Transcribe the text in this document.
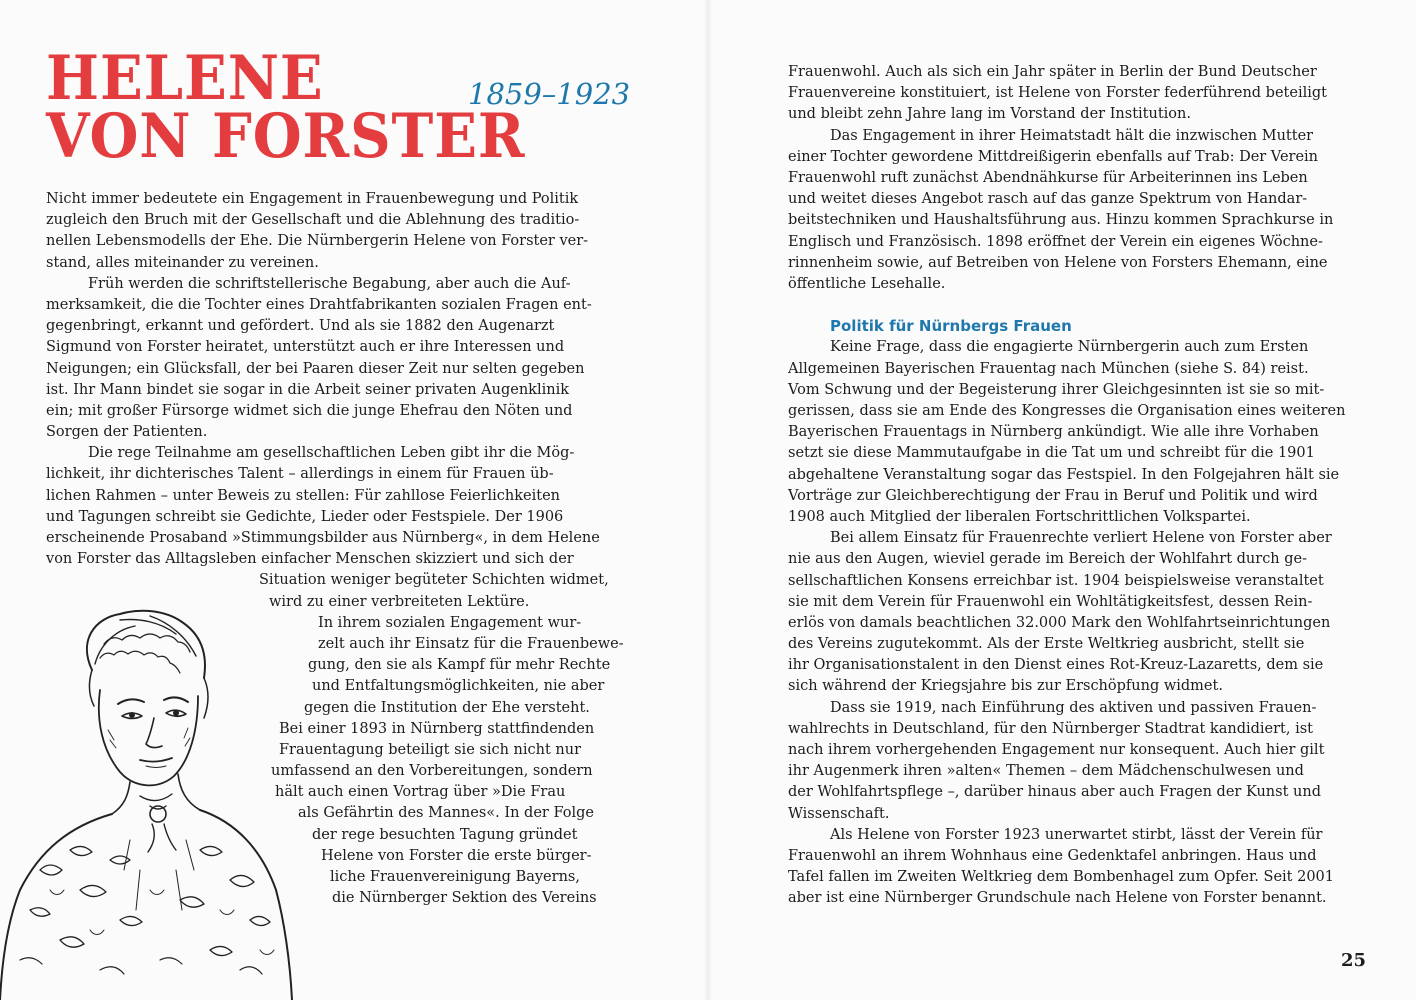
HELENE
VON FORSTER
1859–1923
Nicht immer bedeutete ein Engagement in Frauenbewegung und Politik
zugleich den Bruch mit der Gesellschaft und die Ablehnung des traditio-
nellen Lebensmodells der Ehe. Die Nürnbergerin Helene von Forster ver-
stand, alles miteinander zu vereinen.
Früh werden die schriftstellerische Begabung, aber auch die Auf-
merksamkeit, die die Tochter eines Drahtfabrikanten sozialen Fragen ent-
gegenbringt, erkannt und gefördert. Und als sie 1882 den Augenarzt
Sigmund von Forster heiratet, unterstützt auch er ihre Interessen und
Neigungen; ein Glücksfall, der bei Paaren dieser Zeit nur selten gegeben
ist. Ihr Mann bindet sie sogar in die Arbeit seiner privaten Augenklinik
ein; mit großer Fürsorge widmet sich die junge Ehefrau den Nöten und
Sorgen der Patienten.
Die rege Teilnahme am gesellschaftlichen Leben gibt ihr die Mög-
lichkeit, ihr dichterisches Talent – allerdings in einem für Frauen üb-
lichen Rahmen – unter Beweis zu stellen: Für zahllose Feierlichkeiten
und Tagungen schreibt sie Gedichte, Lieder oder Festspiele. Der 1906
erscheinende Prosaband »Stimmungsbilder aus Nürnberg«, in dem Helene
von Forster das Alltagsleben einfacher Menschen skizziert und sich der
Situation weniger begüteter Schichten widmet,
wird zu einer verbreiteten Lektüre.
In ihrem sozialen Engagement wur-
zelt auch ihr Einsatz für die Frauenbewe-
gung, den sie als Kampf für mehr Rechte
und Entfaltungsmöglichkeiten, nie aber
gegen die Institution der Ehe versteht.
Bei einer 1893 in Nürnberg stattfindenden
Frauentagung beteiligt sie sich nicht nur
umfassend an den Vorbereitungen, sondern
hält auch einen Vortrag über »Die Frau
als Gefährtin des Mannes«. In der Folge
der rege besuchten Tagung gründet
Helene von Forster die erste bürger-
liche Frauenvereinigung Bayerns,
die Nürnberger Sektion des Vereins
Frauenwohl. Auch als sich ein Jahr später in Berlin der Bund Deutscher
Frauenvereine konstituiert, ist Helene von Forster federführend beteiligt
und bleibt zehn Jahre lang im Vorstand der Institution.
Das Engagement in ihrer Heimatstadt hält die inzwischen Mutter
einer Tochter gewordene Mittdreißigerin ebenfalls auf Trab: Der Verein
Frauenwohl ruft zunächst Abendnähkurse für Arbeiterinnen ins Leben
und weitet dieses Angebot rasch auf das ganze Spektrum von Handar-
beitstechniken und Haushaltsführung aus. Hinzu kommen Sprachkurse in
Englisch und Französisch. 1898 eröffnet der Verein ein eigenes Wöchne-
rinnenheim sowie, auf Betreiben von Helene von Forsters Ehemann, eine
öffentliche Lesehalle.

Politik für Nürnbergs Frauen
Keine Frage, dass die engagierte Nürnbergerin auch zum Ersten
Allgemeinen Bayerischen Frauentag nach München (siehe S. 84) reist.
Vom Schwung und der Begeisterung ihrer Gleichgesinnten ist sie so mit-
gerissen, dass sie am Ende des Kongresses die Organisation eines weiteren
Bayerischen Frauentags in Nürnberg ankündigt. Wie alle ihre Vorhaben
setzt sie diese Mammutaufgabe in die Tat um und schreibt für die 1901
abgehaltene Veranstaltung sogar das Festspiel. In den Folgejahren hält sie
Vorträge zur Gleichberechtigung der Frau in Beruf und Politik und wird
1908 auch Mitglied der liberalen Fortschrittlichen Volkspartei.
Bei allem Einsatz für Frauenrechte verliert Helene von Forster aber
nie aus den Augen, wieviel gerade im Bereich der Wohlfahrt durch ge-
sellschaftlichen Konsens erreichbar ist. 1904 beispielsweise veranstaltet
sie mit dem Verein für Frauenwohl ein Wohltätigkeitsfest, dessen Rein-
erlös von damals beachtlichen 32.000 Mark den Wohlfahrtseinrichtungen
des Vereins zugutekommt. Als der Erste Weltkrieg ausbricht, stellt sie
ihr Organisationstalent in den Dienst eines Rot-Kreuz-Lazaretts, dem sie
sich während der Kriegsjahre bis zur Erschöpfung widmet.
Dass sie 1919, nach Einführung des aktiven und passiven Frauen-
wahlrechts in Deutschland, für den Nürnberger Stadtrat kandidiert, ist
nach ihrem vorhergehenden Engagement nur konsequent. Auch hier gilt
ihr Augenmerk ihren »alten« Themen – dem Mädchenschulwesen und
der Wohlfahrtspflege –, darüber hinaus aber auch Fragen der Kunst und
Wissenschaft.
Als Helene von Forster 1923 unerwartet stirbt, lässt der Verein für
Frauenwohl an ihrem Wohnhaus eine Gedenktafel anbringen. Haus und
Tafel fallen im Zweiten Weltkrieg dem Bombenhagel zum Opfer. Seit 2001
aber ist eine Nürnberger Grundschule nach Helene von Forster benannt.
25
